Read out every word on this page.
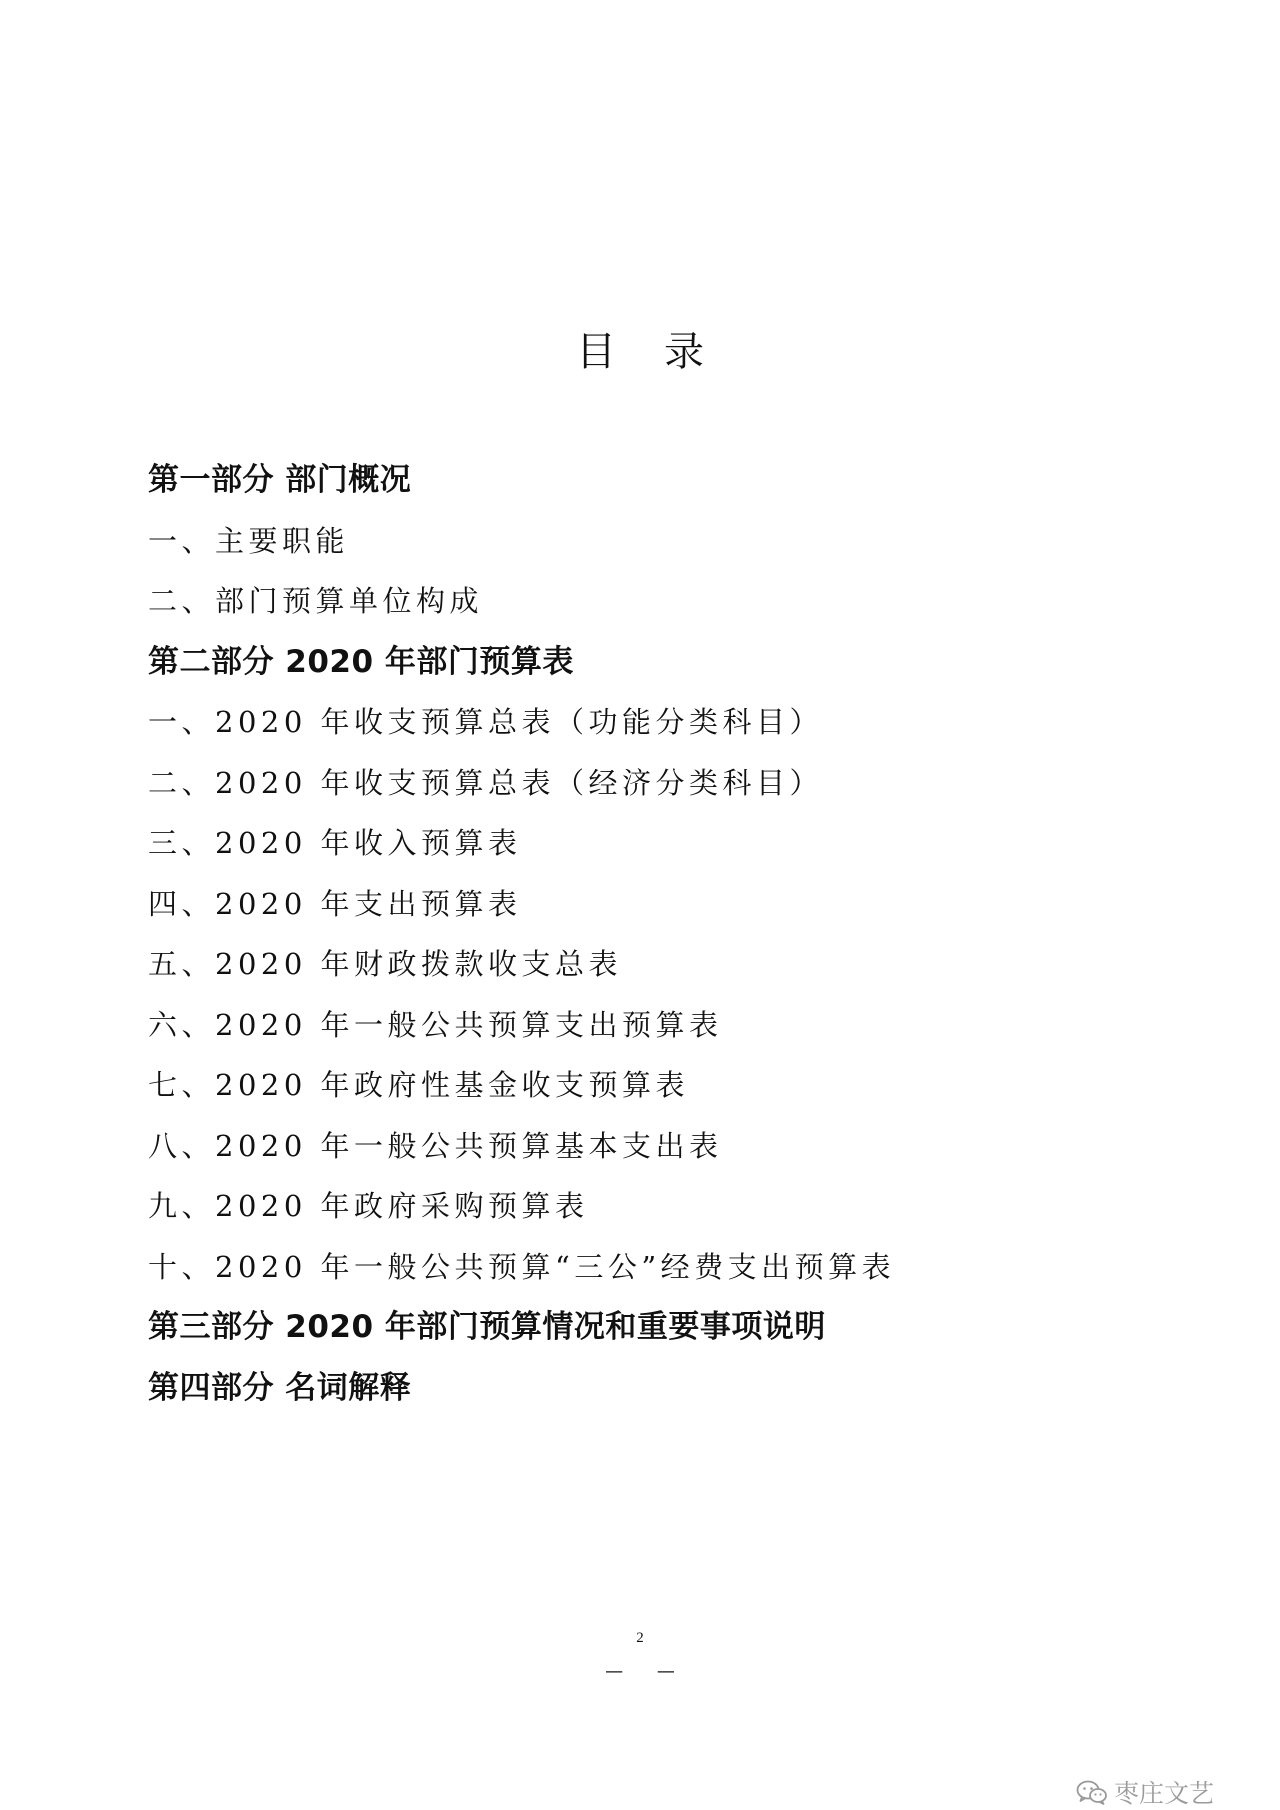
目录
第一部分 部门概况
一、主要职能
二、部门预算单位构成
第二部分 2020 年部门预算表
一、2020 年收支预算总表（功能分类科目）
二、2020 年收支预算总表（经济分类科目）
三、2020 年收入预算表
四、2020 年支出预算表
五、2020 年财政拨款收支总表
六、2020 年一般公共预算支出预算表
七、2020 年政府性基金收支预算表
八、2020 年一般公共预算基本支出表
九、2020 年政府采购预算表
十、2020 年一般公共预算“三公”经费支出预算表
第三部分 2020 年部门预算情况和重要事项说明
第四部分 名词解释
2
— —
枣庄文艺
